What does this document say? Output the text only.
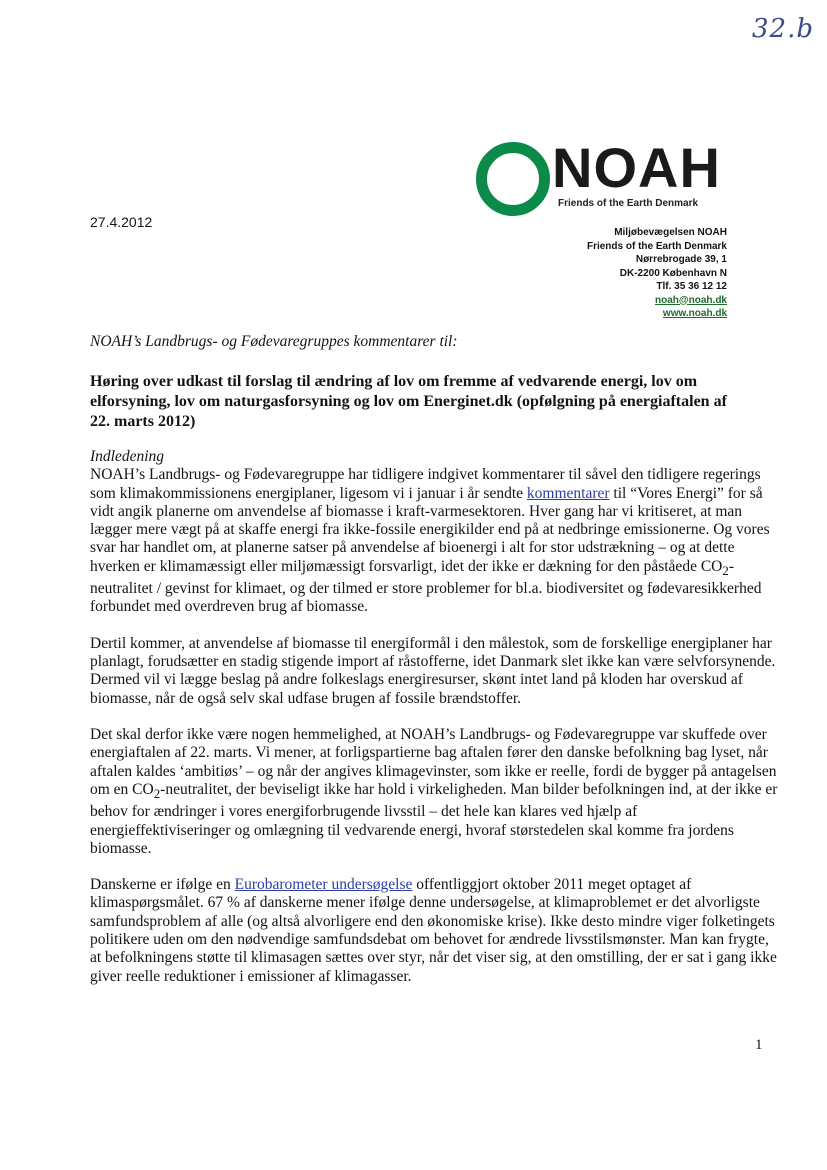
32.b
NOAH
Friends of the Earth Denmark
27.4.2012
Miljøbevægelsen NOAH
Friends of the Earth Denmark
Nørrebrogade 39, 1
DK-2200 København N
Tlf. 35 36 12 12
noah@noah.dk
www.noah.dk
NOAH’s Landbrugs- og Fødevaregruppes kommentarer til:
Høring over udkast til forslag til ændring af lov om fremme af vedvarende energi, lov om elforsyning, lov om naturgasforsyning og lov om Energinet.dk (opfølgning på energiaftalen af 22. marts 2012)

Indledening
NOAH’s Landbrugs- og Fødevaregruppe har tidligere indgivet kommentarer til såvel den tidligere regerings som klimakommissionens energiplaner, ligesom vi i januar i år sendte kommentarer til “Vores Energi” for så vidt angik planerne om anvendelse af biomasse i kraft-varmesektoren. Hver gang har vi kritiseret, at man lægger mere vægt på at skaffe energi fra ikke-fossile energikilder end på at nedbringe emissionerne. Og vores svar har handlet om, at planerne satser på anvendelse af bioenergi i alt for stor udstrækning – og at dette hverken er klimamæssigt eller miljømæssigt forsvarligt, idet der ikke er dækning for den påståede $CO_2$-neutralitet / gevinst for klimaet, og der tilmed er store problemer for bl.a. biodiversitet og fødevaresikkerhed forbundet med overdreven brug af biomasse.

Dertil kommer, at anvendelse af biomasse til energiformål i den målestok, som de forskellige energiplaner har planlagt, forudsætter en stadig stigende import af råstofferne, idet Danmark slet ikke kan være selvforsynende. Dermed vil vi lægge beslag på andre folkeslags energiresurser, skønt intet land på kloden har overskud af biomasse, når de også selv skal udfase brugen af fossile brændstoffer.

Det skal derfor ikke være nogen hemmelighed, at NOAH’s Landbrugs- og Fødevaregruppe var skuffede over energiaftalen af 22. marts. Vi mener, at forligspartierne bag aftalen fører den danske befolkning bag lyset, når aftalen kaldes ‘ambitiøs’ – og når der angives klimagevinster, som ikke er reelle, fordi de bygger på antagelsen om en $CO_2$-neutralitet, der beviseligt ikke har hold i virkeligheden. Man bilder befolkningen ind, at der ikke er behov for ændringer i vores energiforbrugende livsstil – det hele kan klares ved hjælp af energieffektiviseringer og omlægning til vedvarende energi, hvoraf størstedelen skal komme fra jordens biomasse.

Danskerne er ifølge en Eurobarometer undersøgelse offentliggjort oktober 2011 meget optaget af klimaspørgsmålet. 67 % af danskerne mener ifølge denne undersøgelse, at klimaproblemet er det alvorligste samfundsproblem af alle (og altså alvorligere end den økonomiske krise). Ikke desto mindre viger folketingets politikere uden om den nødvendige samfundsdebat om behovet for ændrede livsstilsmønster. Man kan frygte, at befolkningens støtte til klimasagen sættes over styr, når det viser sig, at den omstilling, der er sat i gang ikke giver reelle reduktioner i emissioner af klimagasser.

1
